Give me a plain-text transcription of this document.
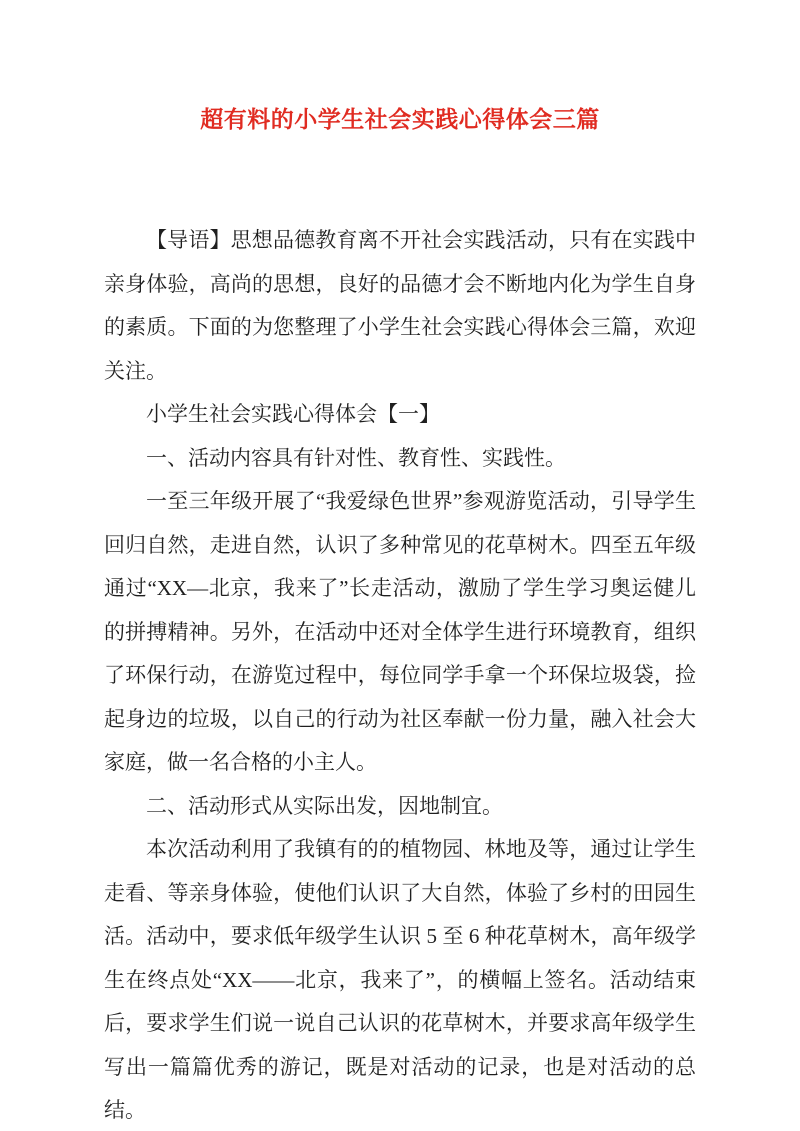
超有料的小学生社会实践心得体会三篇

【导语】思想品德教育离不开社会实践活动，只有在实践中亲身体验，高尚的思想，良好的品德才会不断地内化为学生自身的素质。下面的为您整理了小学生社会实践心得体会三篇，欢迎关注。

小学生社会实践心得体会【一】

一、活动内容具有针对性、教育性、实践性。

一至三年级开展了“我爱绿色世界”参观游览活动，引导学生回归自然，走进自然，认识了多种常见的花草树木。四至五年级通过“XX—北京，我来了”长走活动，激励了学生学习奥运健儿的拼搏精神。另外，在活动中还对全体学生进行环境教育，组织了环保行动，在游览过程中，每位同学手拿一个环保垃圾袋，捡起身边的垃圾，以自己的行动为社区奉献一份力量，融入社会大家庭，做一名合格的小主人。

二、活动形式从实际出发，因地制宜。

本次活动利用了我镇有的的植物园、林地及等，通过让学生走看、等亲身体验，使他们认识了大自然，体验了乡村的田园生活。活动中，要求低年级学生认识 5 至 6 种花草树木，高年级学生在终点处“XX——北京，我来了”，的横幅上签名。活动结束后，要求学生们说一说自己认识的花草树木，并要求高年级学生写出一篇篇优秀的游记，既是对活动的记录，也是对活动的总结。
